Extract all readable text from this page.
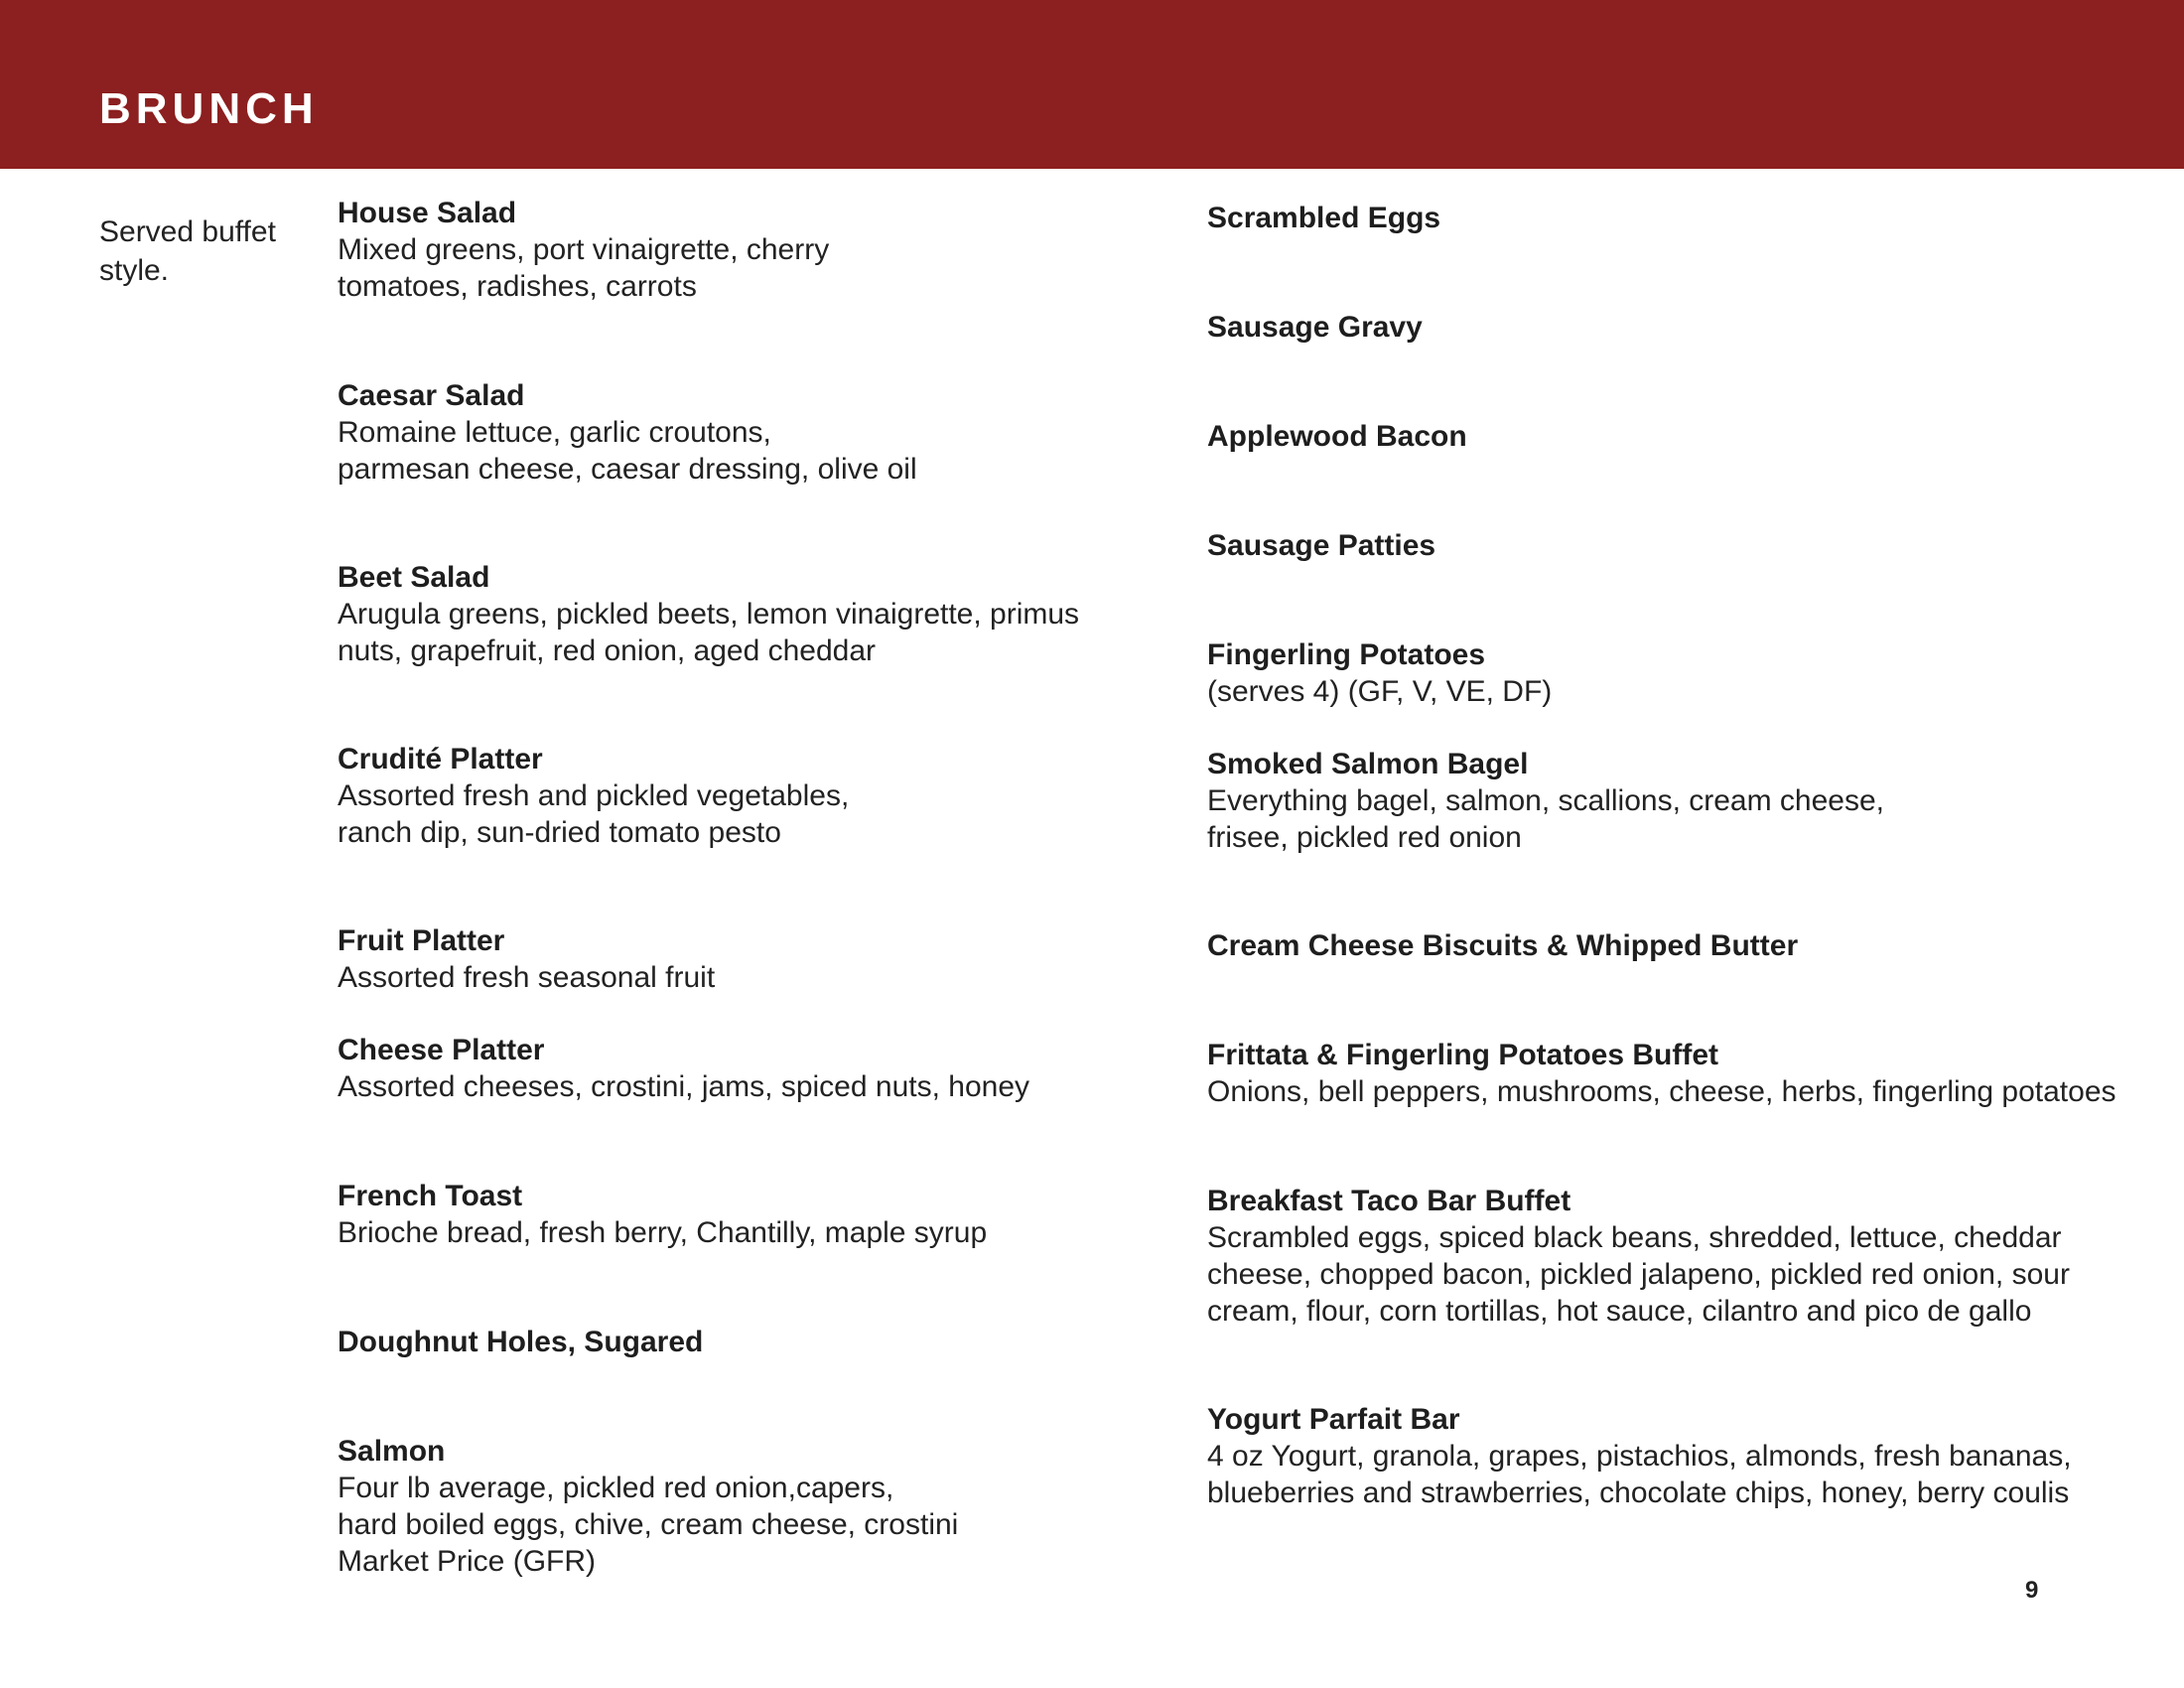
BRUNCH
Served buffet style.
House Salad
Mixed greens, port vinaigrette, cherry
tomatoes, radishes, carrots
Caesar Salad
Romaine lettuce, garlic croutons,
parmesan cheese, caesar dressing, olive oil
Beet Salad
Arugula greens, pickled beets, lemon vinaigrette, primus
nuts, grapefruit, red onion, aged cheddar
Crudité Platter
Assorted fresh and pickled vegetables,
ranch dip, sun-dried tomato pesto
Fruit Platter
Assorted fresh seasonal fruit
Cheese Platter
Assorted cheeses, crostini, jams, spiced nuts, honey
French Toast
Brioche bread, fresh berry, Chantilly, maple syrup
Doughnut Holes, Sugared
Salmon
Four lb average, pickled red onion,capers,
hard boiled eggs, chive, cream cheese, crostini
Market Price (GFR)
Scrambled Eggs
Sausage Gravy
Applewood Bacon
Sausage Patties
Fingerling Potatoes
(serves 4) (GF, V, VE, DF)
Smoked Salmon Bagel
Everything bagel, salmon, scallions, cream cheese,
frisee, pickled red onion
Cream Cheese Biscuits & Whipped Butter
Frittata & Fingerling Potatoes Buffet
Onions, bell peppers, mushrooms, cheese, herbs, fingerling potatoes
Breakfast Taco Bar Buffet
Scrambled eggs, spiced black beans, shredded, lettuce, cheddar
cheese, chopped bacon, pickled jalapeno, pickled red onion, sour
cream, flour, corn tortillas, hot sauce, cilantro and pico de gallo
Yogurt Parfait Bar
4 oz Yogurt, granola, grapes, pistachios, almonds, fresh bananas,
blueberries and strawberries, chocolate chips, honey, berry coulis
9
